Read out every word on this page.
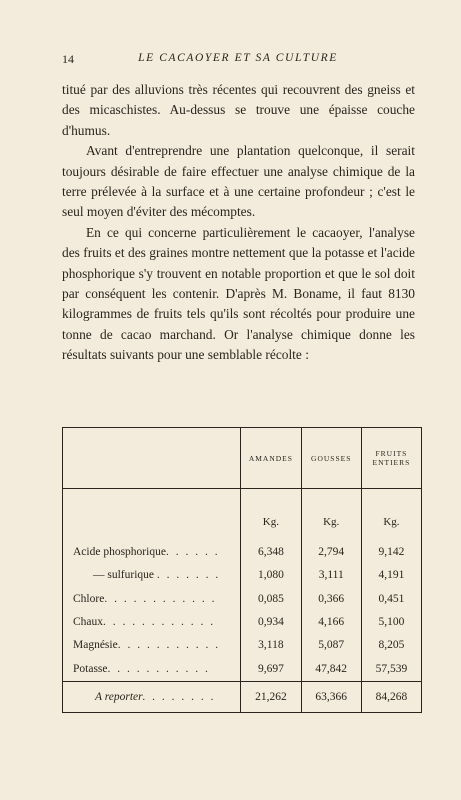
14	LE CACAOYER ET SA CULTURE

titué par des alluvions très récentes qui recouvrent des gneiss et des micaschistes. Au-dessus se trouve une épaisse couche d'humus.

Avant d'entreprendre une plantation quelconque, il serait toujours désirable de faire effectuer une analyse chimique de la terre prélevée à la surface et à une certaine profondeur ; c'est le seul moyen d'éviter des mécomptes.

En ce qui concerne particulièrement le cacaoyer, l'analyse des fruits et des graines montre nettement que la potasse et l'acide phosphorique s'y trouvent en notable proportion et que le sol doit par conséquent les contenir. D'après M. Boname, il faut 8130 kilogrammes de fruits tels qu'ils sont récoltés pour produire une tonne de cacao marchand. Or l'analyse chimique donne les résultats suivants pour une semblable récolte :

	AMANDES	GOUSSES	FRUITS ENTIERS
	Kg.	Kg.	Kg.
Acide phosphorique. . . . . .	6,348	2,794	9,142
— sulfurique . . . . . . .	1,080	3,111	4,191
Chlore. . . . . . . . . . . .	0,085	0,366	0,451
Chaux. . . . . . . . . . . .	0,934	4,166	5,100
Magnésie. . . . . . . . . . .	3,118	5,087	8,205
Potasse. . . . . . . . . . .	9,697	47,842	57,539
A reporter. . . . . . . .	21,262	63,366	84,268
